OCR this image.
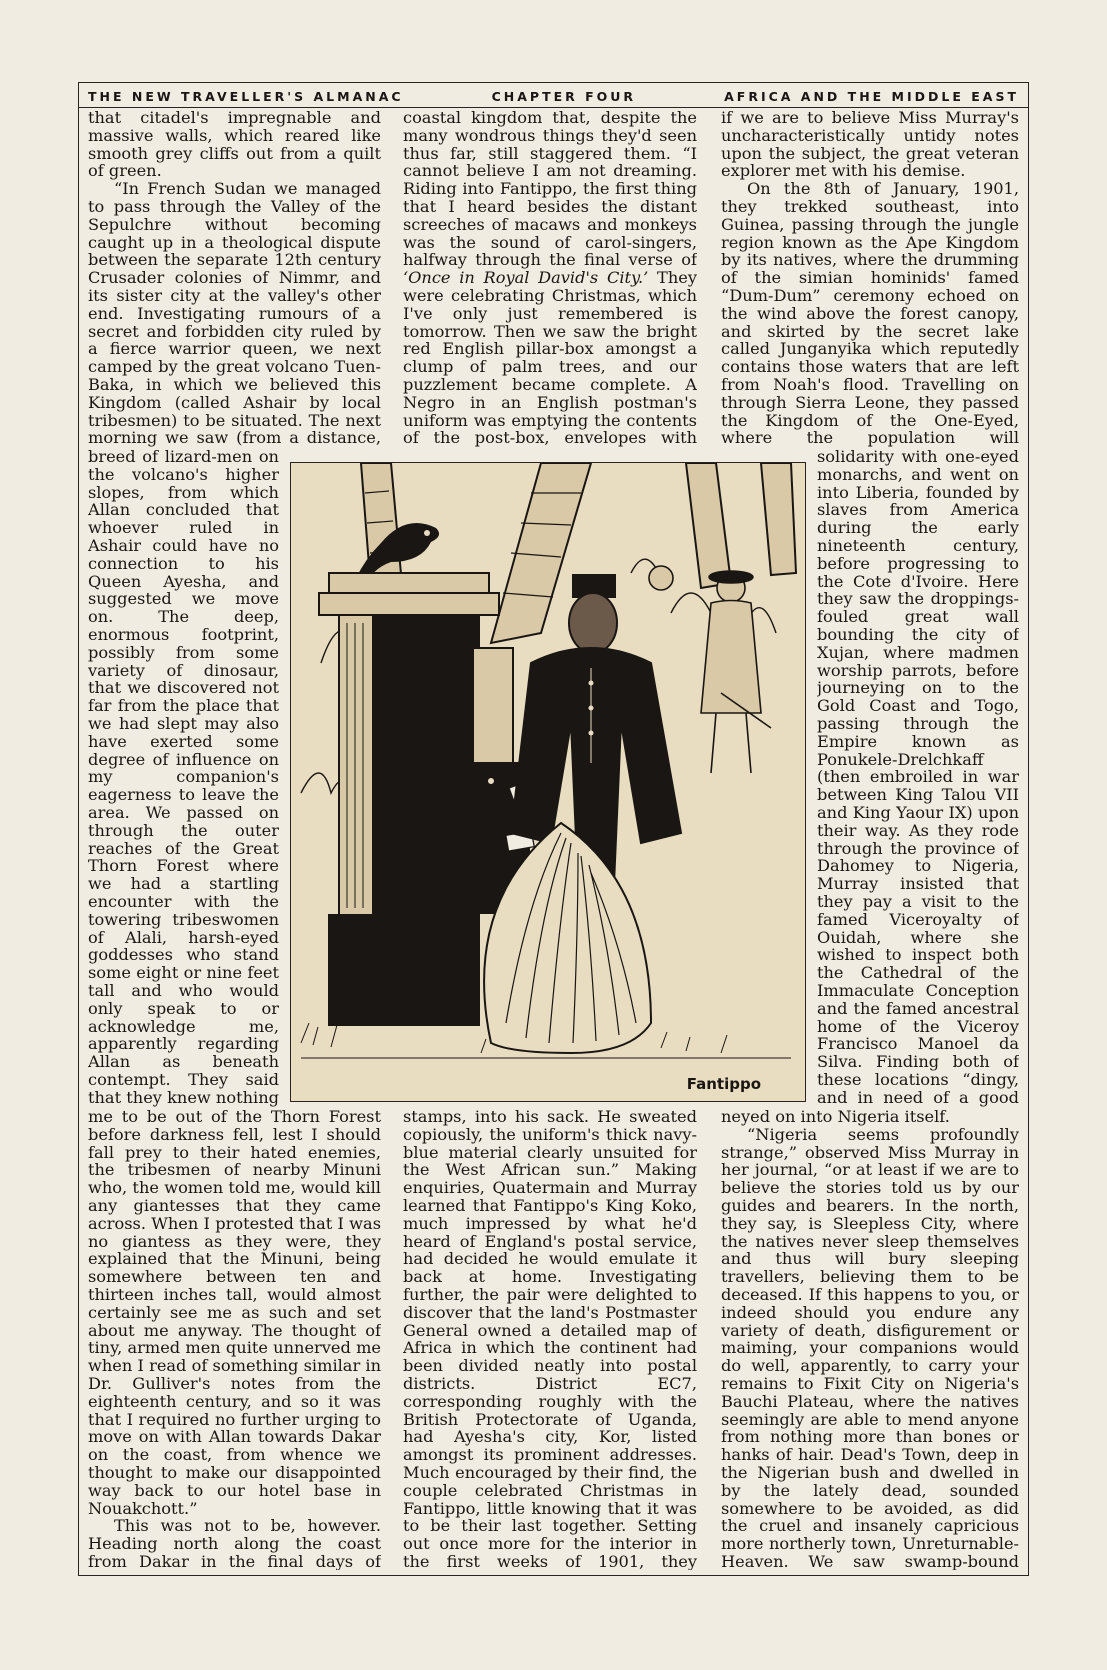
THE NEW TRAVELLER'S ALMANAC	CHAPTER FOUR	AFRICA AND THE MIDDLE EAST

that citadel's impregnable and massive walls, which reared like smooth grey cliffs out from a quilt of green.

“In French Sudan we managed to pass through the Valley of the Sepulchre without becoming caught up in a theological dispute between the separate 12th century Crusader colonies of Nimmr, and its sister city at the valley's other end. Investigating rumours of a secret and forbidden city ruled by a fierce warrior queen, we next camped by the great volcano Tuen-Baka, in which we believed this Kingdom (called Ashair by local tribesmen) to be situated. The next morning we saw (from a distance,

breed of lizard-men on the volcano's higher slopes, from which Allan concluded that whoever ruled in Ashair could have no connection to his Queen Ayesha, and suggested we move on. The deep, enormous footprint, possibly from some variety of dinosaur, that we discovered not far from the place that we had slept may also have exerted some degree of influence on my companion's eagerness to leave the area. We passed on through the outer reaches of the Great Thorn Forest where we had a startling encounter with the towering tribeswomen of Alali, harsh-eyed goddesses who stand some eight or nine feet tall and who would only speak to or acknowledge me, apparently regarding Allan as beneath contempt. They said that they knew nothing

me to be out of the Thorn Forest before darkness fell, lest I should fall prey to their hated enemies, the tribesmen of nearby Minuni who, the women told me, would kill any giantesses that they came across. When I protested that I was no giantess as they were, they explained that the Minuni, being somewhere between ten and thirteen inches tall, would almost certainly see me as such and set about me anyway. The thought of tiny, armed men quite unnerved me when I read of something similar in Dr. Gulliver's notes from the eighteenth century, and so it was that I required no further urging to move on with Allan towards Dakar on the coast, from whence we thought to make our disappointed way back to our hotel base in Nouakchott.”

This was not to be, however. Heading north along the coast from Dakar in the final days of

coastal kingdom that, despite the many wondrous things they'd seen thus far, still staggered them. “I cannot believe I am not dreaming. Riding into Fantippo, the first thing that I heard besides the distant screeches of macaws and monkeys was the sound of carol-singers, halfway through the final verse of ‘Once in Royal David's City.’ They were celebrating Christmas, which I've only just remembered is tomorrow. Then we saw the bright red English pillar-box amongst a clump of palm trees, and our puzzlement became complete. A Negro in an English postman's uniform was emptying the contents of the post-box, envelopes with

stamps, into his sack. He sweated copiously, the uniform's thick navy-blue material clearly unsuited for the West African sun.” Making enquiries, Quatermain and Murray learned that Fantippo's King Koko, much impressed by what he'd heard of England's postal service, had decided he would emulate it back at home. Investigating further, the pair were delighted to discover that the land's Postmaster General owned a detailed map of Africa in which the continent had been divided neatly into postal districts. District EC7, corresponding roughly with the British Protectorate of Uganda, had Ayesha's city, Kor, listed amongst its prominent addresses. Much encouraged by their find, the couple celebrated Christmas in Fantippo, little knowing that it was to be their last together. Setting out once more for the interior in the first weeks of 1901, they

if we are to believe Miss Murray's uncharacteristically untidy notes upon the subject, the great veteran explorer met with his demise.

On the 8th of January, 1901, they trekked southeast, into Guinea, passing through the jungle region known as the Ape Kingdom by its natives, where the drumming of the simian hominids' famed “Dum-Dum” ceremony echoed on the wind above the forest canopy, and skirted by the secret lake called Junganyika which reputedly contains those waters that are left from Noah's flood. Travelling on through Sierra Leone, they passed the Kingdom of the One-Eyed, where the population will

solidarity with one-eyed monarchs, and went on into Liberia, founded by slaves from America during the early nineteenth century, before progressing to the Cote d'Ivoire. Here they saw the droppings-fouled great wall bounding the city of Xujan, where madmen worship parrots, before journeying on to the Gold Coast and Togo, passing through the Empire known as Ponukele-Drelchkaff (then embroiled in war between King Talou VII and King Yaour IX) upon their way. As they rode through the province of Dahomey to Nigeria, Murray insisted that they pay a visit to the famed Viceroyalty of Ouidah, where she wished to inspect both the Cathedral of the Immaculate Conception and the famed ancestral home of the Viceroy Francisco Manoel da Silva. Finding both of these locations “dingy, and in need of a good

neyed on into Nigeria itself.

“Nigeria seems profoundly strange,” observed Miss Murray in her journal, “or at least if we are to believe the stories told us by our guides and bearers. In the north, they say, is Sleepless City, where the natives never sleep themselves and thus will bury sleeping travellers, believing them to be deceased. If this happens to you, or indeed should you endure any variety of death, disfigurement or maiming, your companions would do well, apparently, to carry your remains to Fixit City on Nigeria's Bauchi Plateau, where the natives seemingly are able to mend anyone from nothing more than bones or hanks of hair. Dead's Town, deep in the Nigerian bush and dwelled in by the lately dead, sounded somewhere to be avoided, as did the cruel and insanely capricious more northerly town, Unreturnable-Heaven. We saw swamp-bound

Fantippo
